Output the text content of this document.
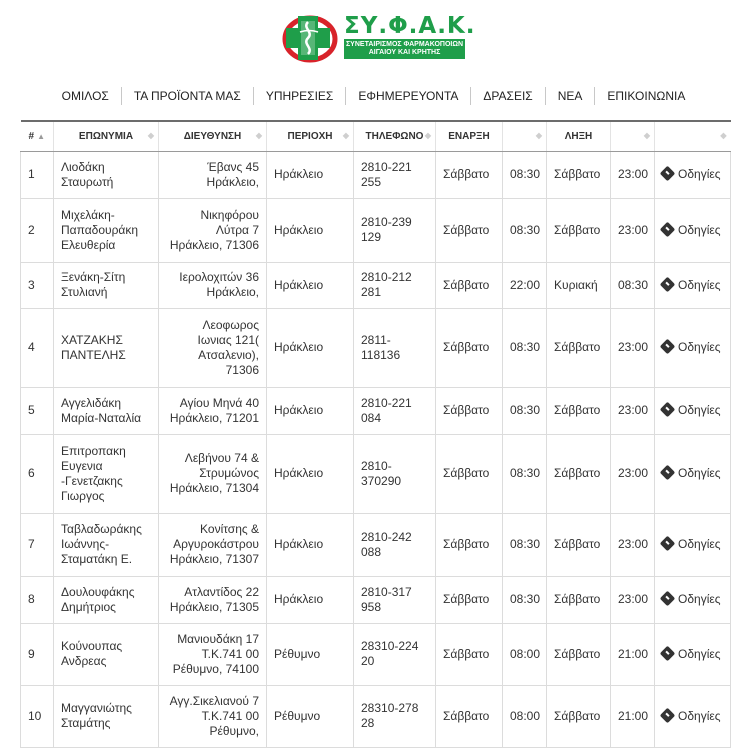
ΣΥ.Φ.Α.Κ.
ΣΥΝΕΤΑΙΡΙΣΜΟΣ ΦΑΡΜΑΚΟΠΟΙΩΝ
ΑΙΓΑΙΟΥ ΚΑΙ ΚΡΗΤΗΣ
ΟΜΙΛΟΣ	ΤΑ ΠΡΟΪΟΝΤΑ ΜΑΣ	ΥΠΗΡΕΣΙΕΣ	ΕΦΗΜΕΡΕΥΟΝΤΑ	ΔΡΑΣΕΙΣ	ΝΕΑ	ΕΠΙΚΟΙΝΩΝΙΑ
# ▲	ΕΠΩΝΥΜΙΑ ◆	ΔΙΕΥΘΥΝΣΗ ◆	ΠΕΡΙΟΧΗ ◆	ΤΗΛΕΦΩΝΟ ◆	ΕΝΑΡΞΗ	◆	ΛΗΞΗ	◆	◆

1	Λιοδάκη Σταυρωτή	Έβανς 45 Ηράκλειο,	Ηράκλειο	2810-221 255	Σάββατο	08:30	Σάββατο	23:00	Οδηγίες
2	Μιχελάκη-Παπαδουράκη Ελευθερία	Νικηφόρου Λύτρα 7 Ηράκλειο, 71306	Ηράκλειο	2810-239 129	Σάββατο	08:30	Σάββατο	23:00	Οδηγίες
3	Ξενάκη-Σίτη Στυλιανή	Ιερολοχιτών 36 Ηράκλειο,	Ηράκλειο	2810-212 281	Σάββατο	22:00	Κυριακή	08:30	Οδηγίες
4	ΧΑΤΖΑΚΗΣ ΠΑΝΤΕΛΗΣ	Λεοφωρος Ιωνιας 121( Ατσαλενιο), 71306	Ηράκλειο	2811-118136	Σάββατο	08:30	Σάββατο	23:00	Οδηγίες
5	Αγγελιδάκη Μαρία-Ναταλία	Αγίου Μηνά 40 Ηράκλειο, 71201	Ηράκλειο	2810-221 084	Σάββατο	08:30	Σάββατο	23:00	Οδηγίες
6	Επιτροπακη Ευγενια -Γενετζακης Γιωργος	Λεβήνου 74 & Στρυμώνος Ηράκλειο, 71304	Ηράκλειο	2810-370290	Σάββατο	08:30	Σάββατο	23:00	Οδηγίες
7	Ταβλαδωράκης Ιωάννης-Σταματάκη Ε.	Κονίτσης & Αργυροκάστρου Ηράκλειο, 71307	Ηράκλειο	2810-242 088	Σάββατο	08:30	Σάββατο	23:00	Οδηγίες
8	Δουλουφάκης Δημήτριος	Ατλαντίδος 22 Ηράκλειο, 71305	Ηράκλειο	2810-317 958	Σάββατο	08:30	Σάββατο	23:00	Οδηγίες
9	Κούνουπας Ανδρεας	Μανιουδάκη 17 Τ.Κ.741 00 Ρέθυμνο, 74100	Ρέθυμνο	28310-224 20	Σάββατο	08:00	Σάββατο	21:00	Οδηγίες
10	Μαγγανιώτης Σταμάτης	Αγγ.Σικελιανού 7 Τ.Κ.741 00 Ρέθυμνο,	Ρέθυμνο	28310-278 28	Σάββατο	08:00	Σάββατο	21:00	Οδηγίες
